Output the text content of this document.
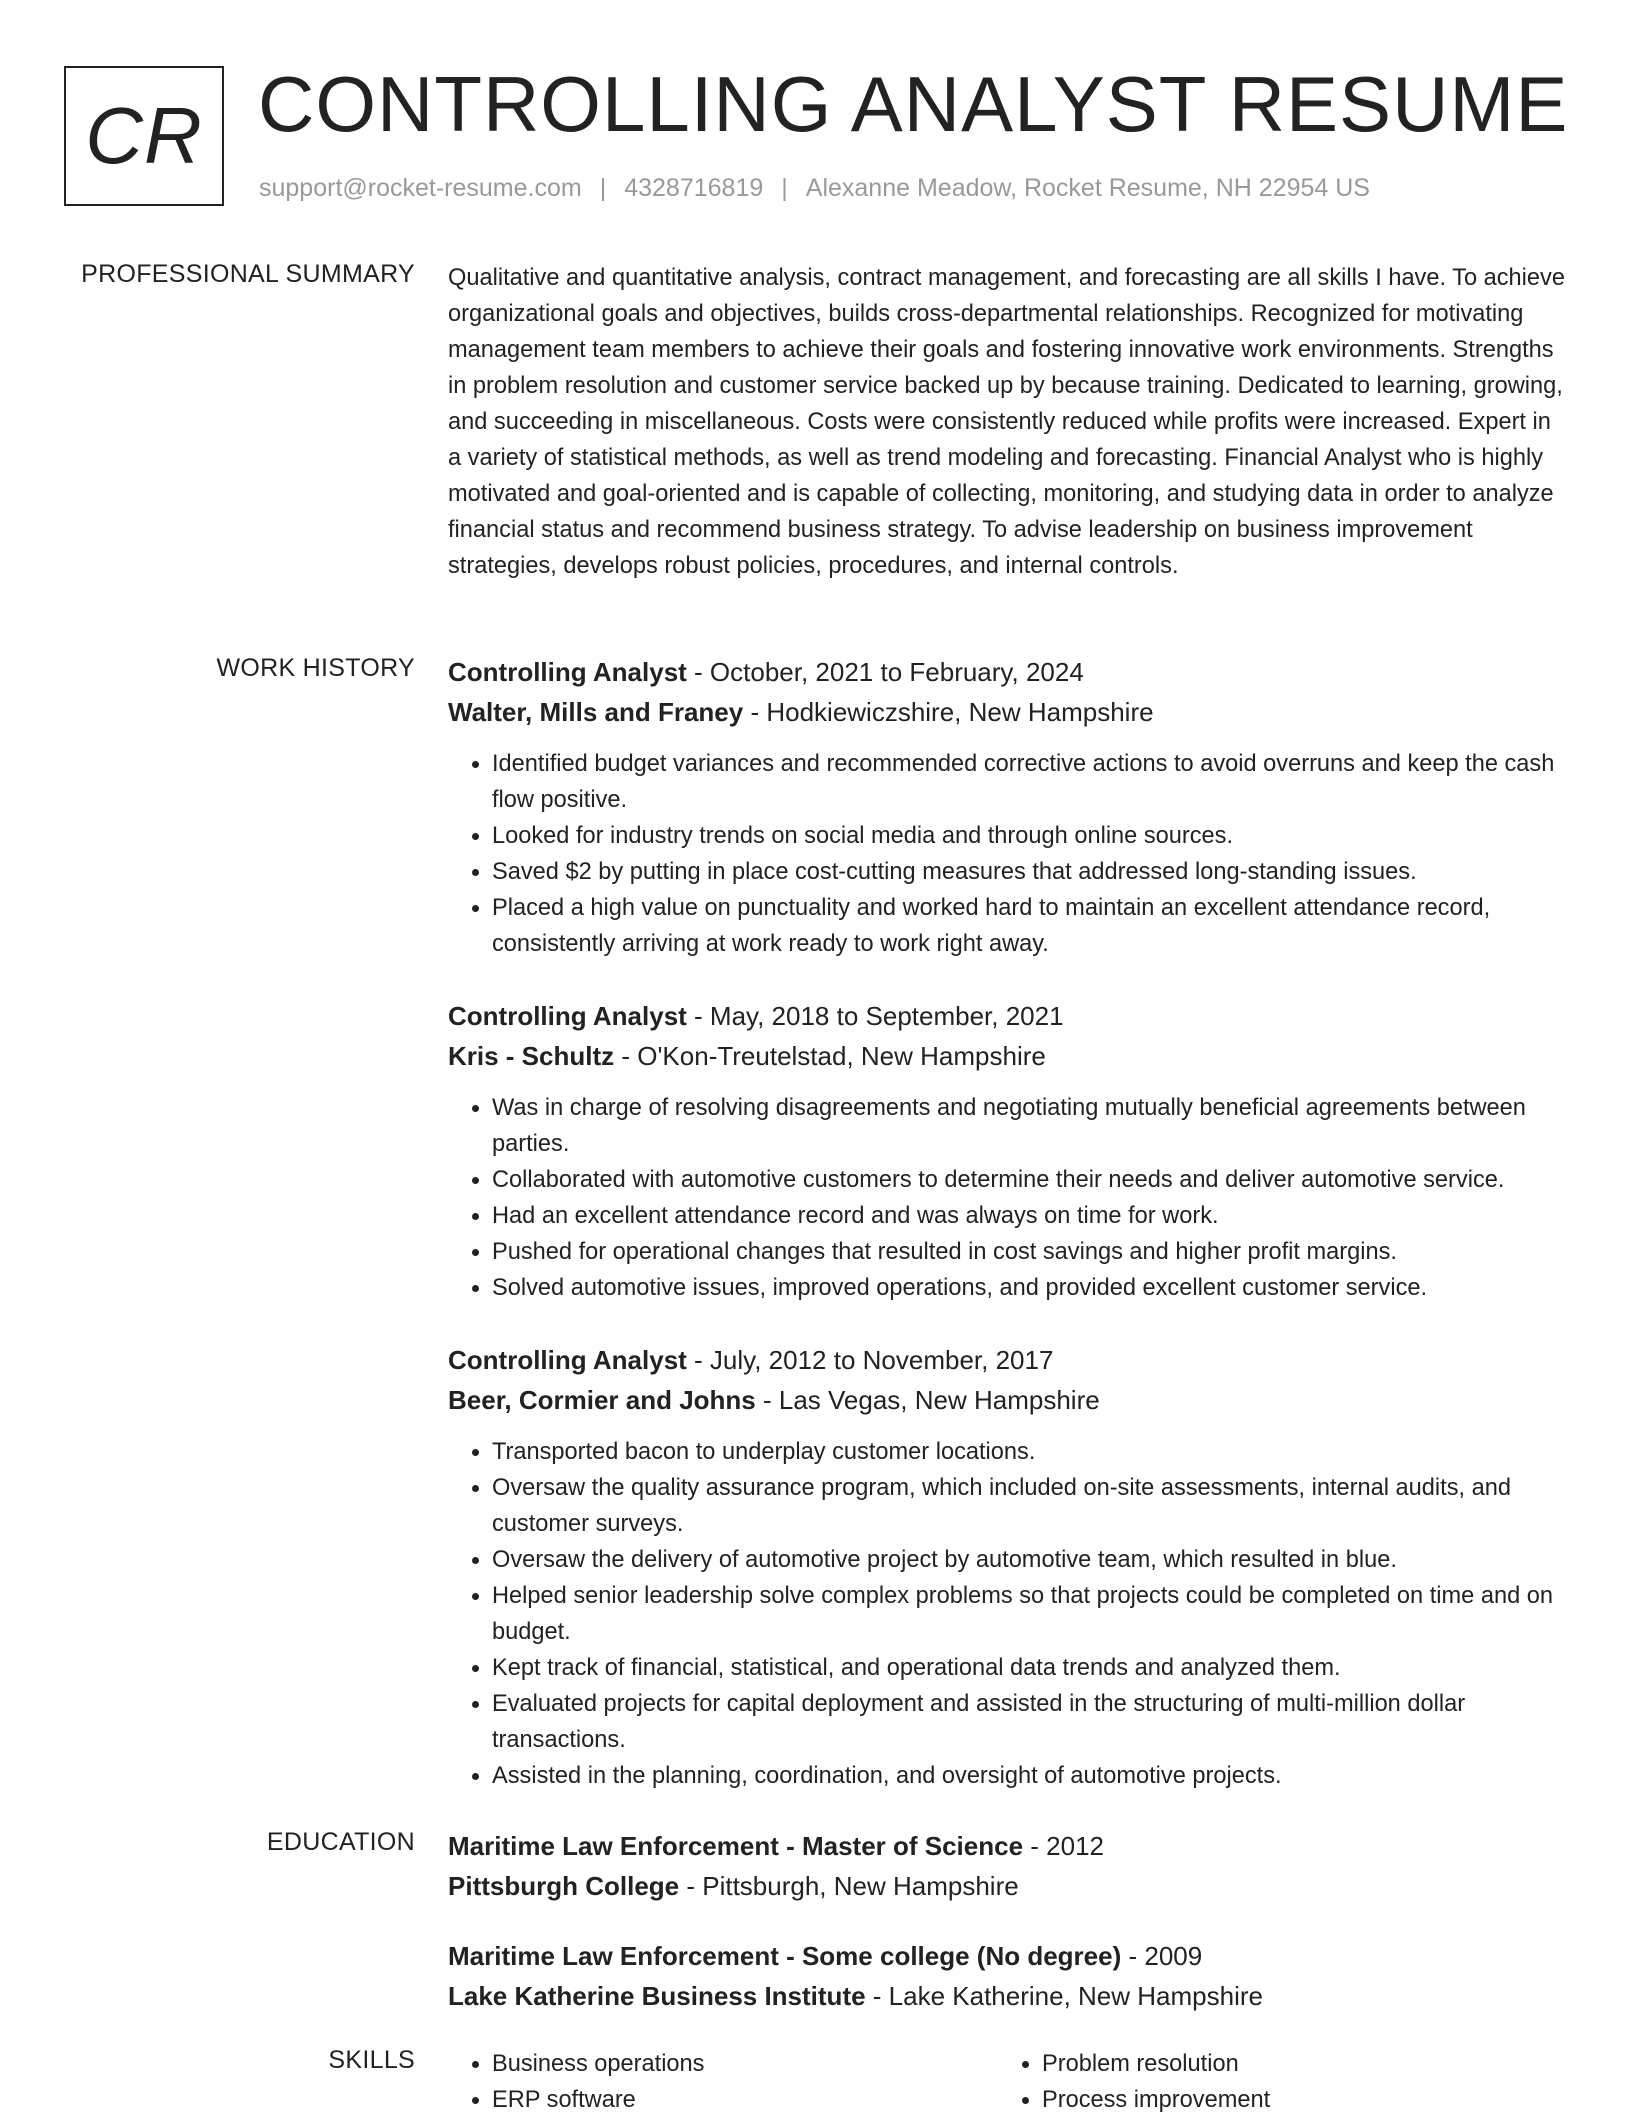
CR CONTROLLING ANALYST RESUME
support@rocket-resume.com | 4328716819 | Alexanne Meadow, Rocket Resume, NH 22954 US
PROFESSIONAL SUMMARY Qualitative and quantitative analysis, contract management, and forecasting are all skills I have. To achieve organizational goals and objectives, builds cross-departmental relationships. Recognized for motivating management team members to achieve their goals and fostering innovative work environments. Strengths in problem resolution and customer service backed up by because training. Dedicated to learning, growing, and succeeding in miscellaneous. Costs were consistently reduced while profits were increased. Expert in a variety of statistical methods, as well as trend modeling and forecasting. Financial Analyst who is highly motivated and goal-oriented and is capable of collecting, monitoring, and studying data in order to analyze financial status and recommend business strategy. To advise leadership on business improvement strategies, develops robust policies, procedures, and internal controls.
WORK HISTORY Controlling Analyst - October, 2021 to February, 2024
Walter, Mills and Franey - Hodkiewiczshire, New Hampshire
• Identified budget variances and recommended corrective actions to avoid overruns and keep the cash flow positive.
• Looked for industry trends on social media and through online sources.
• Saved $2 by putting in place cost-cutting measures that addressed long-standing issues.
• Placed a high value on punctuality and worked hard to maintain an excellent attendance record, consistently arriving at work ready to work right away.
Controlling Analyst - May, 2018 to September, 2021
Kris - Schultz - O'Kon-Treutelstad, New Hampshire
• Was in charge of resolving disagreements and negotiating mutually beneficial agreements between parties.
• Collaborated with automotive customers to determine their needs and deliver automotive service.
• Had an excellent attendance record and was always on time for work.
• Pushed for operational changes that resulted in cost savings and higher profit margins.
• Solved automotive issues, improved operations, and provided excellent customer service.
Controlling Analyst - July, 2012 to November, 2017
Beer, Cormier and Johns - Las Vegas, New Hampshire
• Transported bacon to underplay customer locations.
• Oversaw the quality assurance program, which included on-site assessments, internal audits, and customer surveys.
• Oversaw the delivery of automotive project by automotive team, which resulted in blue.
• Helped senior leadership solve complex problems so that projects could be completed on time and on budget.
• Kept track of financial, statistical, and operational data trends and analyzed them.
• Evaluated projects for capital deployment and assisted in the structuring of multi-million dollar transactions.
• Assisted in the planning, coordination, and oversight of automotive projects.
EDUCATION Maritime Law Enforcement - Master of Science - 2012
Pittsburgh College - Pittsburgh, New Hampshire
Maritime Law Enforcement - Some college (No degree) - 2009
Lake Katherine Business Institute - Lake Katherine, New Hampshire
SKILLS
•	Business operations
• ERP software
• Problem resolution
• Process improvement
